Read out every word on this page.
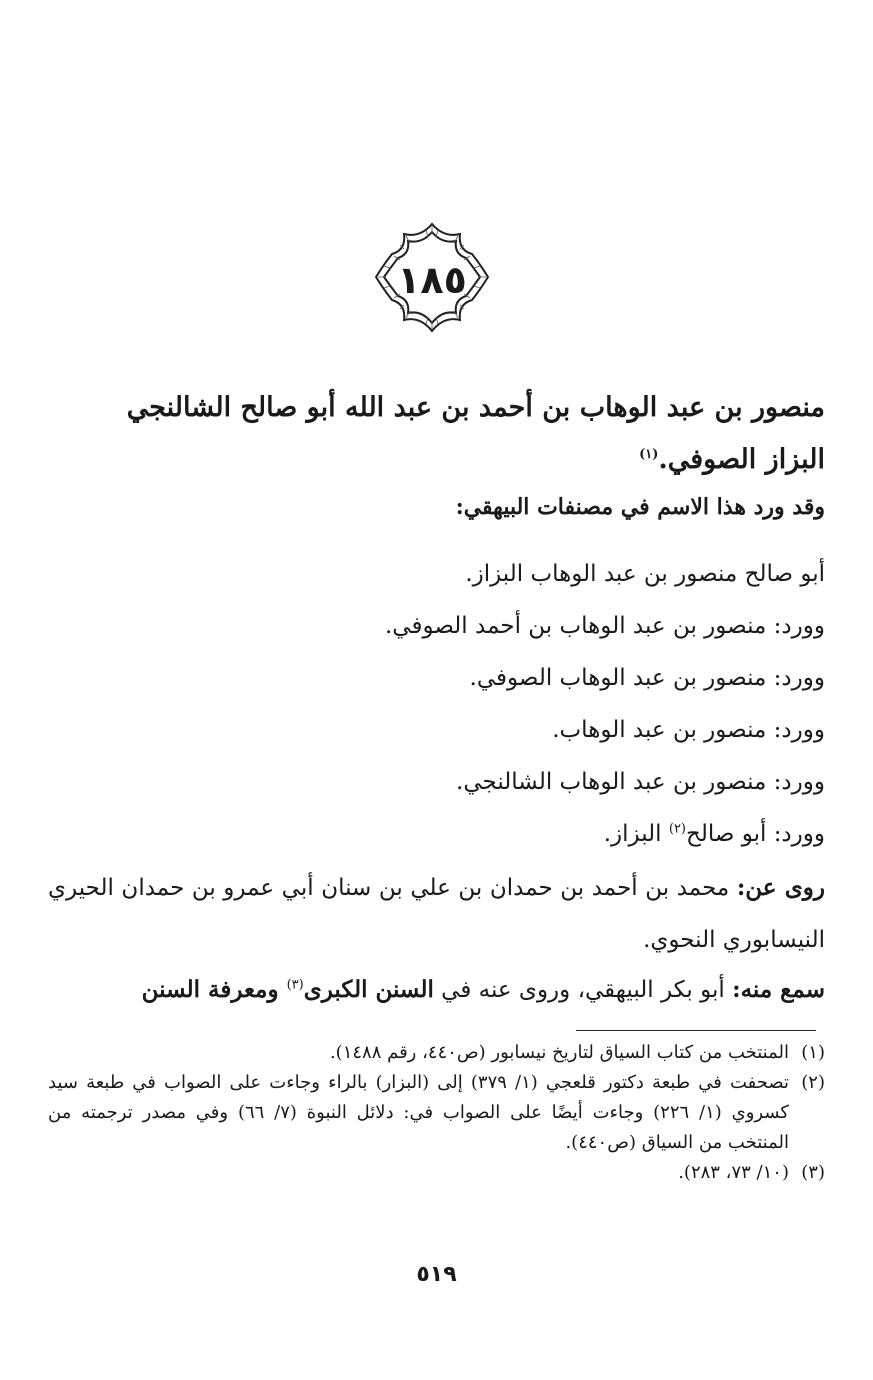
١٨٥

منصور بن عبد الوهاب بن أحمد بن عبد الله أبو صالح الشالنجي

البزاز الصوفي.$^{(١)}$

وقد ورد هذا الاسم في مصنفات البيهقي:
أبو صالح منصور بن عبد الوهاب البزاز.
وورد: منصور بن عبد الوهاب بن أحمد الصوفي.
وورد: منصور بن عبد الوهاب الصوفي.
وورد: منصور بن عبد الوهاب.
وورد: منصور بن عبد الوهاب الشالنجي.
وورد: أبو صالح$^{(٢)}$ البزاز.
روى عن: محمد بن أحمد بن حمدان بن علي بن سنان أبي عمرو بن حمدان الحيري النيسابوري النحوي.
سمع منه: أبو بكر البيهقي، وروى عنه في السنن الكبرى$^{(٣)}$ ومعرفة السنن
(١)
المنتخب من كتاب السياق لتاريخ نيسابور (ص٤٤٠، رقم ١٤٨٨).
(٢)
تصحفت في طبعة دكتور قلعجي (١/ ٣٧٩) إلى (البزار) بالراء وجاءت على الصواب في طبعة سيد كسروي (١/ ٢٢٦) وجاءت أيضًا على الصواب في: دلائل النبوة (٧/ ٦٦) وفي مصدر ترجمته من المنتخب من السياق (ص٤٤٠).
(٣)
(١٠/ ٧٣، ٢٨٣).
٥١٩
